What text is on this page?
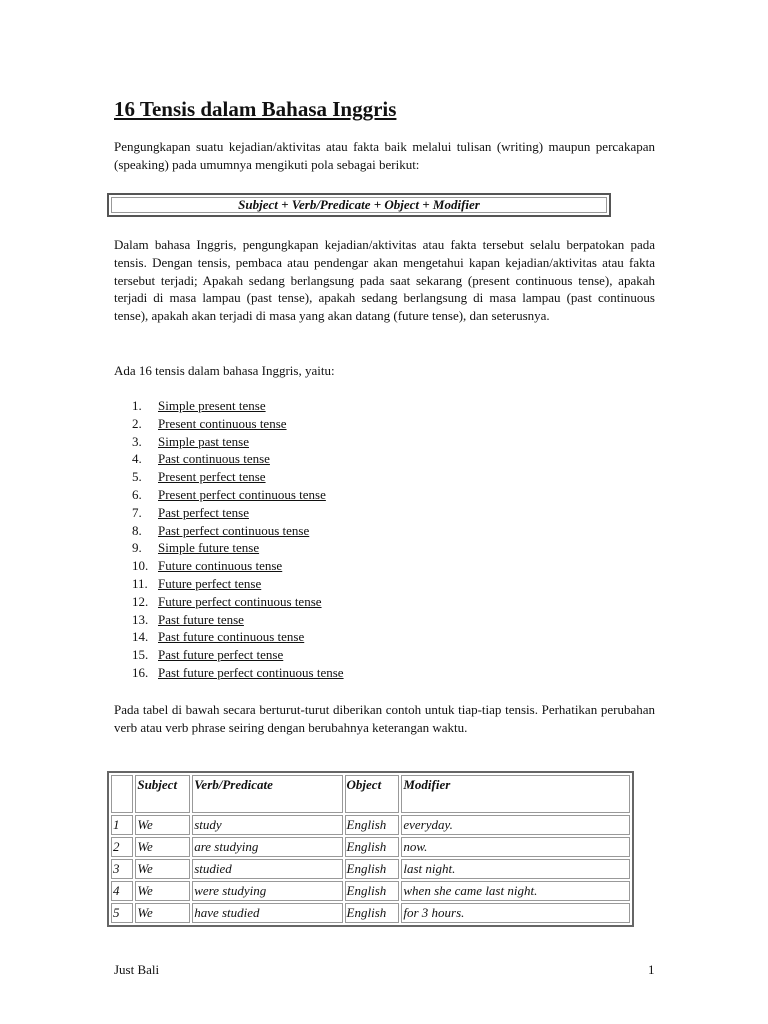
16 Tensis dalam Bahasa Inggris

Pengungkapan suatu kejadian/aktivitas atau fakta baik melalui tulisan (writing) maupun percakapan (speaking) pada umumnya mengikuti pola sebagai berikut:

Subject + Verb/Predicate + Object + Modifier

Dalam bahasa Inggris, pengungkapan kejadian/aktivitas atau fakta tersebut selalu berpatokan pada tensis. Dengan tensis, pembaca atau pendengar akan mengetahui kapan kejadian/aktivitas atau fakta tersebut terjadi; Apakah sedang berlangsung pada saat sekarang (present continuous tense), apakah terjadi di masa lampau (past tense), apakah sedang berlangsung di masa lampau (past continuous tense), apakah akan terjadi di masa yang akan datang (future tense), dan seterusnya.

Ada 16 tensis dalam bahasa Inggris, yaitu:

1.	Simple present tense
2.	Present continuous tense
3.	Simple past tense
4.	Past continuous tense
5.	Present perfect tense
6.	Present perfect continuous tense
7.	Past perfect tense
8.	Past perfect continuous tense
9.	Simple future tense
10. Future continuous tense
11. Future perfect tense
12. Future perfect continuous tense
13. Past future tense
14. Past future continuous tense
15. Past future perfect tense
16. Past future perfect continuous tense

Pada tabel di bawah secara berturut-turut diberikan contoh untuk tiap-tiap tensis. Perhatikan perubahan verb atau verb phrase seiring dengan berubahnya keterangan waktu.

	Subject	Verb/Predicate	Object	Modifier
1	We	study	English	everyday.
2	We	are studying	English	now.
3	We	studied	English	last night.
4	We	were studying	English	when she came last night.
5	We	have studied	English	for 3 hours.
Just Bali	1
